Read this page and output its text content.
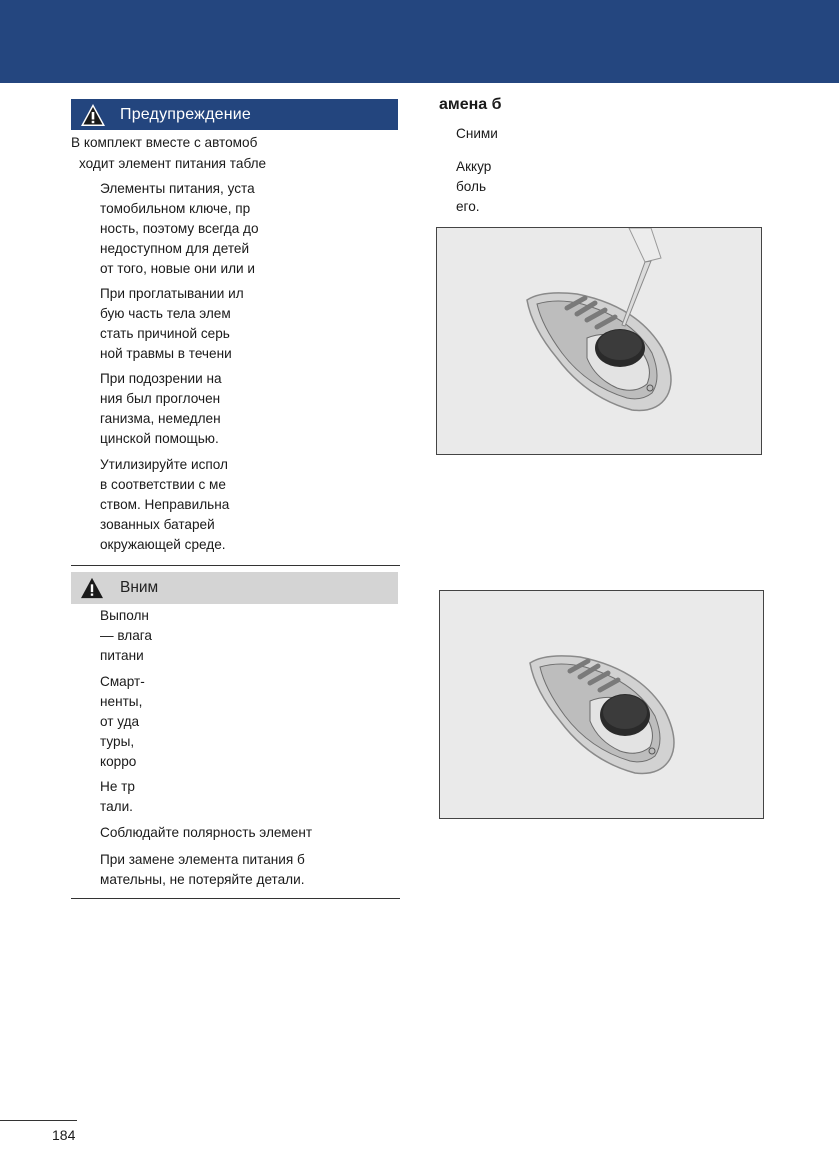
Предупреждение
В комплект вместе с автомоб
ходит элемент питания табле
Элементы питания, уста
томобильном ключе, пр
ность, поэтому всегда до
недоступном для детей
от того, новые они или и
При проглатывании ил
бую часть тела элем
стать причиной серь
ной травмы в течени
При подозрении на
ния был проглочен
ганизма, немедлен
цинской помощью.
Утилизируйте испол
в соответствии с ме
ством. Неправильна
зованных батарей
окружающей среде.
Вним
Выполн
— влага
питани
Смарт-
ненты,
от уда
туры,
корро
Не тр
тали.
Соблюдайте полярность элемент
При замене элемента питания б
мательны, не потеряйте детали.
амена б
Сними
Аккур
боль
его.
184
